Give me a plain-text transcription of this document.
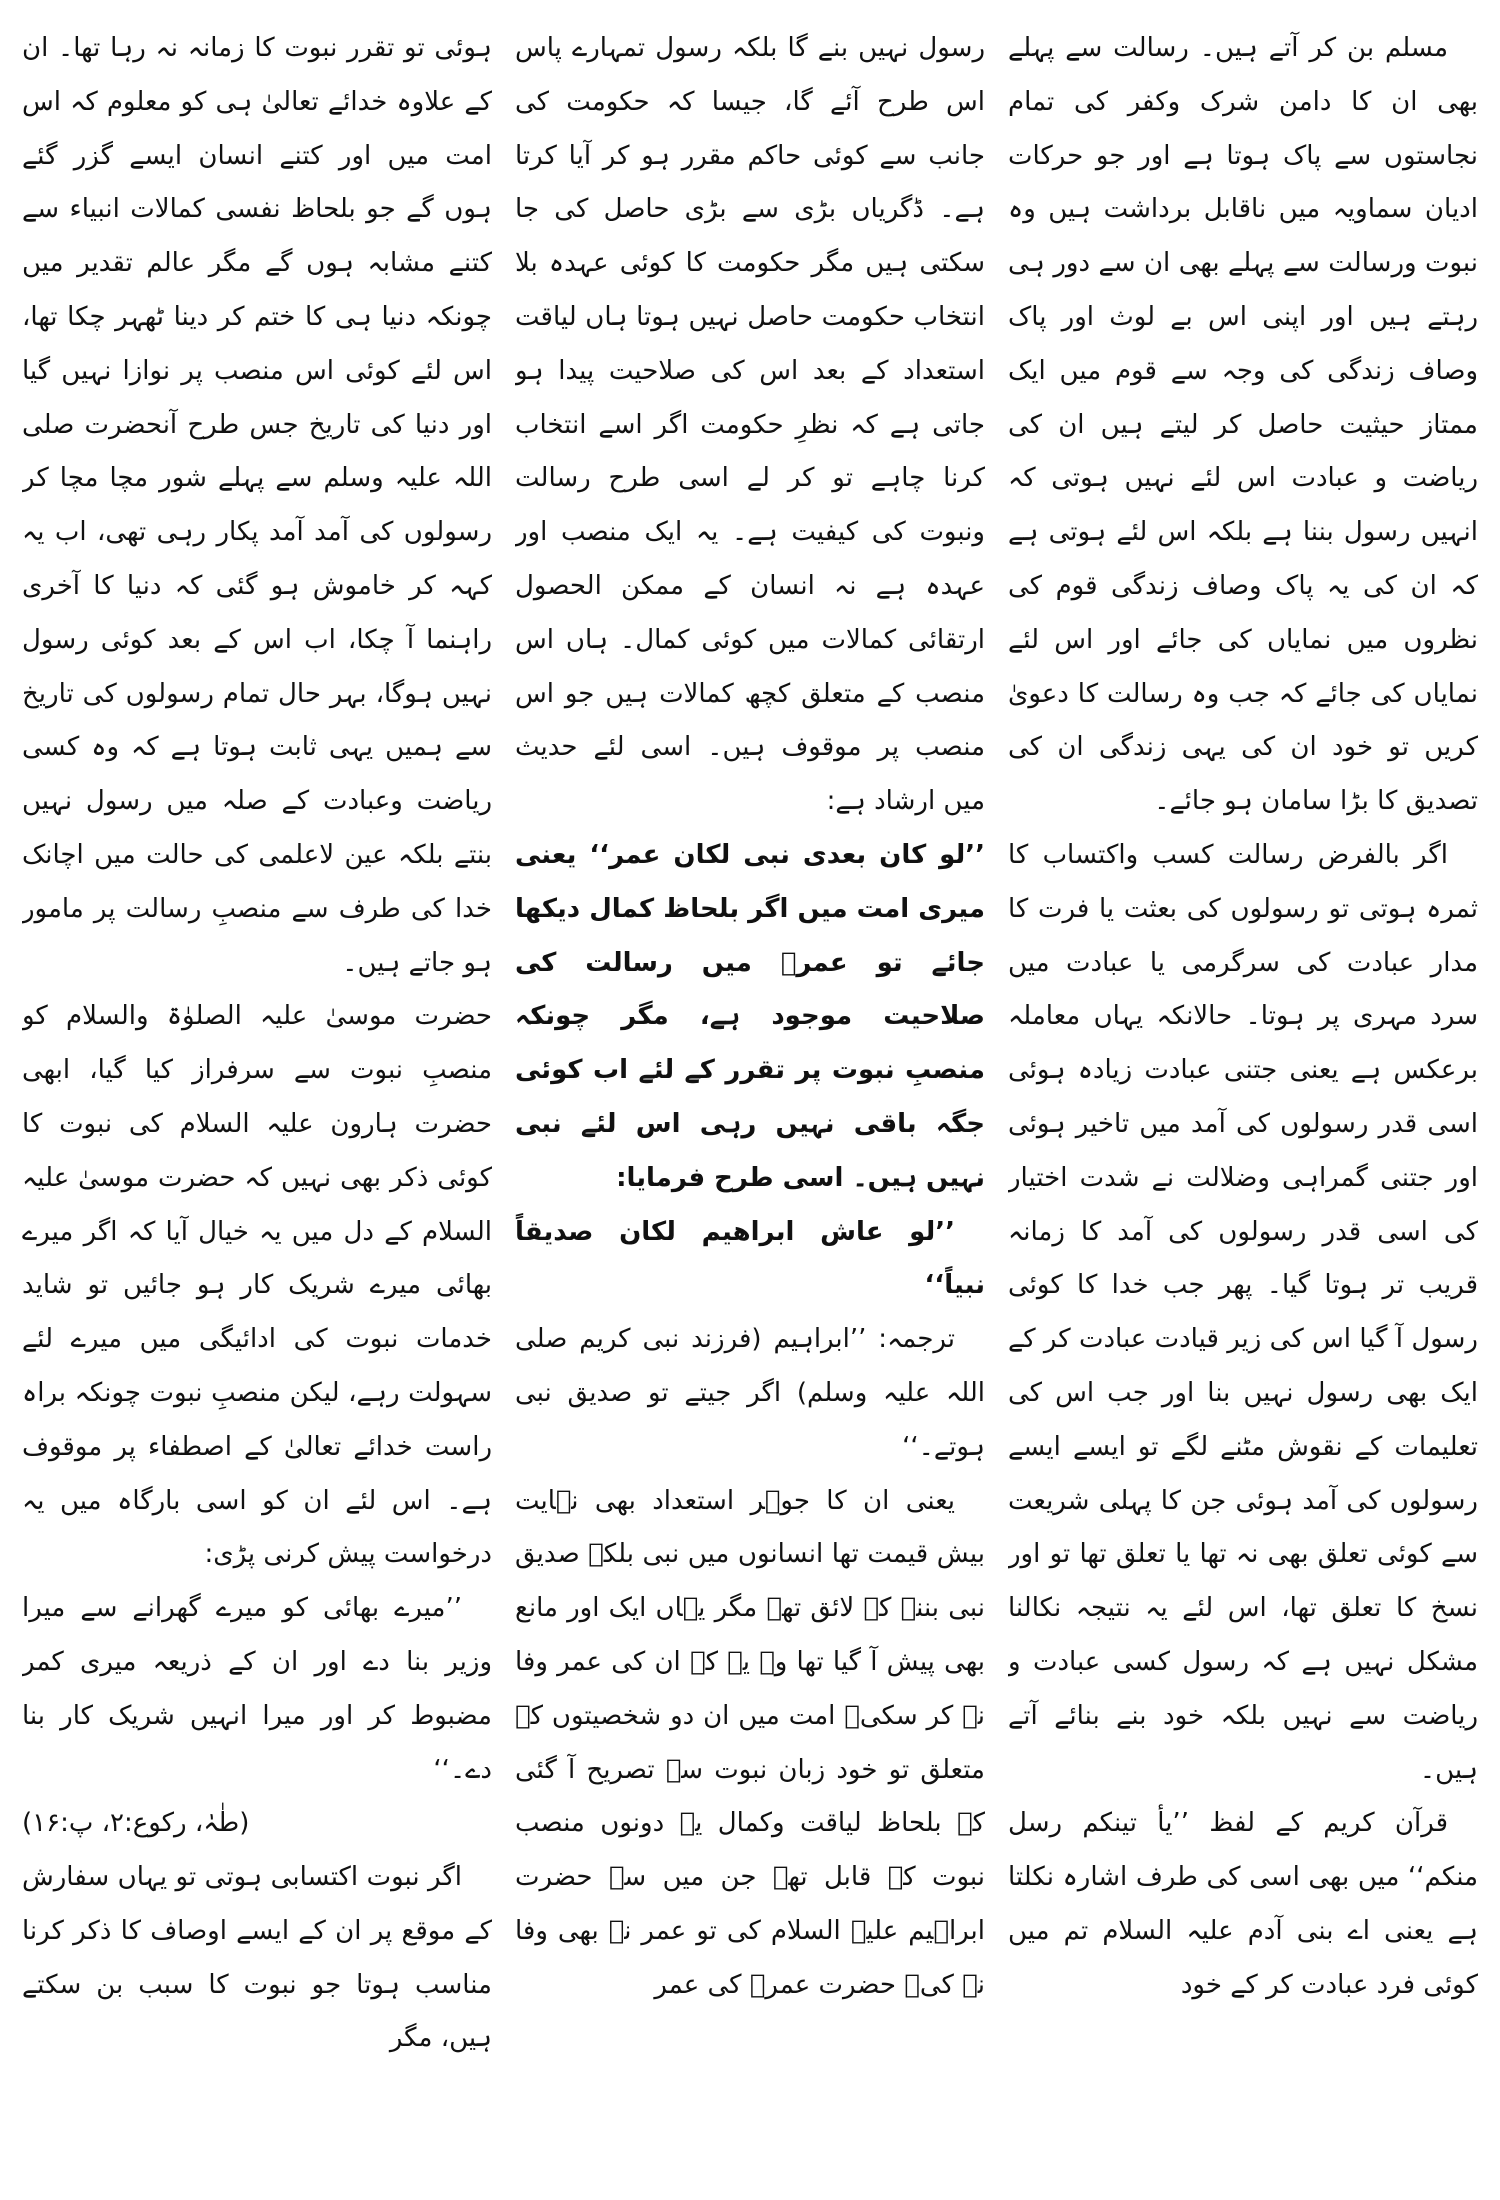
مسلم بن کر آتے ہیں۔ رسالت سے پہلے بھی ان کا دامن شرک وکفر کی تمام نجاستوں سے پاک ہوتا ہے اور جو حرکات ادیان سماویہ میں ناقابل برداشت ہیں وہ نبوت ورسالت سے پہلے بھی ان سے دور ہی رہتے ہیں اور اپنی اس بے لوث اور پاک وصاف زندگی کی وجہ سے قوم میں ایک ممتاز حیثیت حاصل کر لیتے ہیں ان کی ریاضت و عبادت اس لئے نہیں ہوتی کہ انہیں رسول بننا ہے بلکہ اس لئے ہوتی ہے کہ ان کی یہ پاک وصاف زندگی قوم کی نظروں میں نمایاں کی جائے اور اس لئے نمایاں کی جائے کہ جب وہ رسالت کا دعویٰ کریں تو خود ان کی یہی زندگی ان کی تصدیق کا بڑا سامان ہو جائے۔

اگر بالفرض رسالت کسب واکتساب کا ثمرہ ہوتی تو رسولوں کی بعثت یا فرت کا مدار عبادت کی سرگرمی یا عبادت میں سرد مہری پر ہوتا۔ حالانکہ یہاں معاملہ برعکس ہے یعنی جتنی عبادت زیادہ ہوئی اسی قدر رسولوں کی آمد میں تاخیر ہوئی اور جتنی گمراہی وضلالت نے شدت اختیار کی اسی قدر رسولوں کی آمد کا زمانہ قریب تر ہوتا گیا۔ پھر جب خدا کا کوئی رسول آ گیا اس کی زیر قیادت عبادت کر کے ایک بھی رسول نہیں بنا اور جب اس کی تعلیمات کے نقوش مٹنے لگے تو ایسے ایسے رسولوں کی آمد ہوئی جن کا پہلی شریعت سے کوئی تعلق بھی نہ تھا یا تعلق تھا تو اور نسخ کا تعلق تھا، اس لئے یہ نتیجہ نکالنا مشکل نہیں ہے کہ رسول کسی عبادت و ریاضت سے نہیں بلکہ خود بنے بنائے آتے ہیں۔

قرآن کریم کے لفظ ’’یأ تینکم رسل منکم‘‘ میں بھی اسی کی طرف اشارہ نکلتا ہے یعنی اے بنی آدم علیہ السلام تم میں کوئی فرد عبادت کر کے خود

رسول نہیں بنے گا بلکہ رسول تمہارے پاس اس طرح آئے گا، جیسا کہ حکومت کی جانب سے کوئی حاکم مقرر ہو کر آیا کرتا ہے۔ ڈگریاں بڑی سے بڑی حاصل کی جا سکتی ہیں مگر حکومت کا کوئی عہدہ بلا انتخاب حکومت حاصل نہیں ہوتا ہاں لیاقت استعداد کے بعد اس کی صلاحیت پیدا ہو جاتی ہے کہ نظرِ حکومت اگر اسے انتخاب کرنا چاہے تو کر لے اسی طرح رسالت ونبوت کی کیفیت ہے۔ یہ ایک منصب اور عہدہ ہے نہ انسان کے ممکن الحصول ارتقائی کمالات میں کوئی کمال۔ ہاں اس منصب کے متعلق کچھ کمالات ہیں جو اس منصب پر موقوف ہیں۔ اسی لئے حدیث میں ارشاد ہے:

’’لو کان بعدی نبی لکان عمر‘‘ یعنی میری امت میں اگر بلحاظ کمال دیکھا جائے تو عمرؓ میں رسالت کی صلاحیت موجود ہے، مگر چونکہ منصبِ نبوت پر تقرر کے لئے اب کوئی جگہ باقی نہیں رہی اس لئے نبی نہیں ہیں۔ اسی طرح فرمایا:

’’لو عاش ابراھیم لکان صدیقاً نبیاً‘‘

ترجمہ: ’’ابراہیم (فرزند نبی کریم صلی اللہ علیہ وسلم) اگر جیتے تو صدیق نبی ہوتے۔‘‘

یعنی ان کا جوہر استعداد بھی نہایت بیش قیمت تھا انسانوں میں نبی بلکہ صدیق نبی بننے کے لائق تھے مگر یہاں ایک اور مانع بھی پیش آ گیا تھا وہ یہ کہ ان کی عمر وفا نہ کر سکی۔ امت میں ان دو شخصیتوں کے متعلق تو خود زبان نبوت سے تصریح آ گئی کہ بلحاظ لیاقت وکمال یہ دونوں منصب نبوت کے قابل تھے جن میں سے حضرت ابراہیم علیہ السلام کی تو عمر نے بھی وفا نہ کی۔ حضرت عمرؓ کی عمر

ہوئی تو تقرر نبوت کا زمانہ نہ رہا تھا۔ ان کے علاوہ خدائے تعالیٰ ہی کو معلوم کہ اس امت میں اور کتنے انسان ایسے گزر گئے ہوں گے جو بلحاظ نفسی کمالات انبیاء سے کتنے مشابہ ہوں گے مگر عالم تقدیر میں چونکہ دنیا ہی کا ختم کر دینا ٹھہر چکا تھا، اس لئے کوئی اس منصب پر نوازا نہیں گیا اور دنیا کی تاریخ جس طرح آنحضرت صلی اللہ علیہ وسلم سے پہلے شور مچا مچا کر رسولوں کی آمد آمد پکار رہی تھی، اب یہ کہہ کر خاموش ہو گئی کہ دنیا کا آخری راہنما آ چکا، اب اس کے بعد کوئی رسول نہیں ہوگا، بہر حال تمام رسولوں کی تاریخ سے ہمیں یہی ثابت ہوتا ہے کہ وہ کسی ریاضت وعبادت کے صلہ میں رسول نہیں بنتے بلکہ عین لاعلمی کی حالت میں اچانک خدا کی طرف سے منصبِ رسالت پر مامور ہو جاتے ہیں۔

حضرت موسیٰ علیہ الصلوٰۃ والسلام کو منصبِ نبوت سے سرفراز کیا گیا، ابھی حضرت ہارون علیہ السلام کی نبوت کا کوئی ذکر بھی نہیں کہ حضرت موسیٰ علیہ السلام کے دل میں یہ خیال آیا کہ اگر میرے بھائی میرے شریک کار ہو جائیں تو شاید خدمات نبوت کی ادائیگی میں میرے لئے سہولت رہے، لیکن منصبِ نبوت چونکہ براہ راست خدائے تعالیٰ کے اصطفاء پر موقوف ہے۔ اس لئے ان کو اسی بارگاہ میں یہ درخواست پیش کرنی پڑی:

’’میرے بھائی کو میرے گھرانے سے میرا وزیر بنا دے اور ان کے ذریعہ میری کمر مضبوط کر اور میرا انہیں شریک کار بنا دے۔‘‘

(طٰہٰ، رکوع:۲، پ:۱۶)

اگر نبوت اکتسابی ہوتی تو یہاں سفارش کے موقع پر ان کے ایسے اوصاف کا ذکر کرنا مناسب ہوتا جو نبوت کا سبب بن سکتے ہیں، مگر
